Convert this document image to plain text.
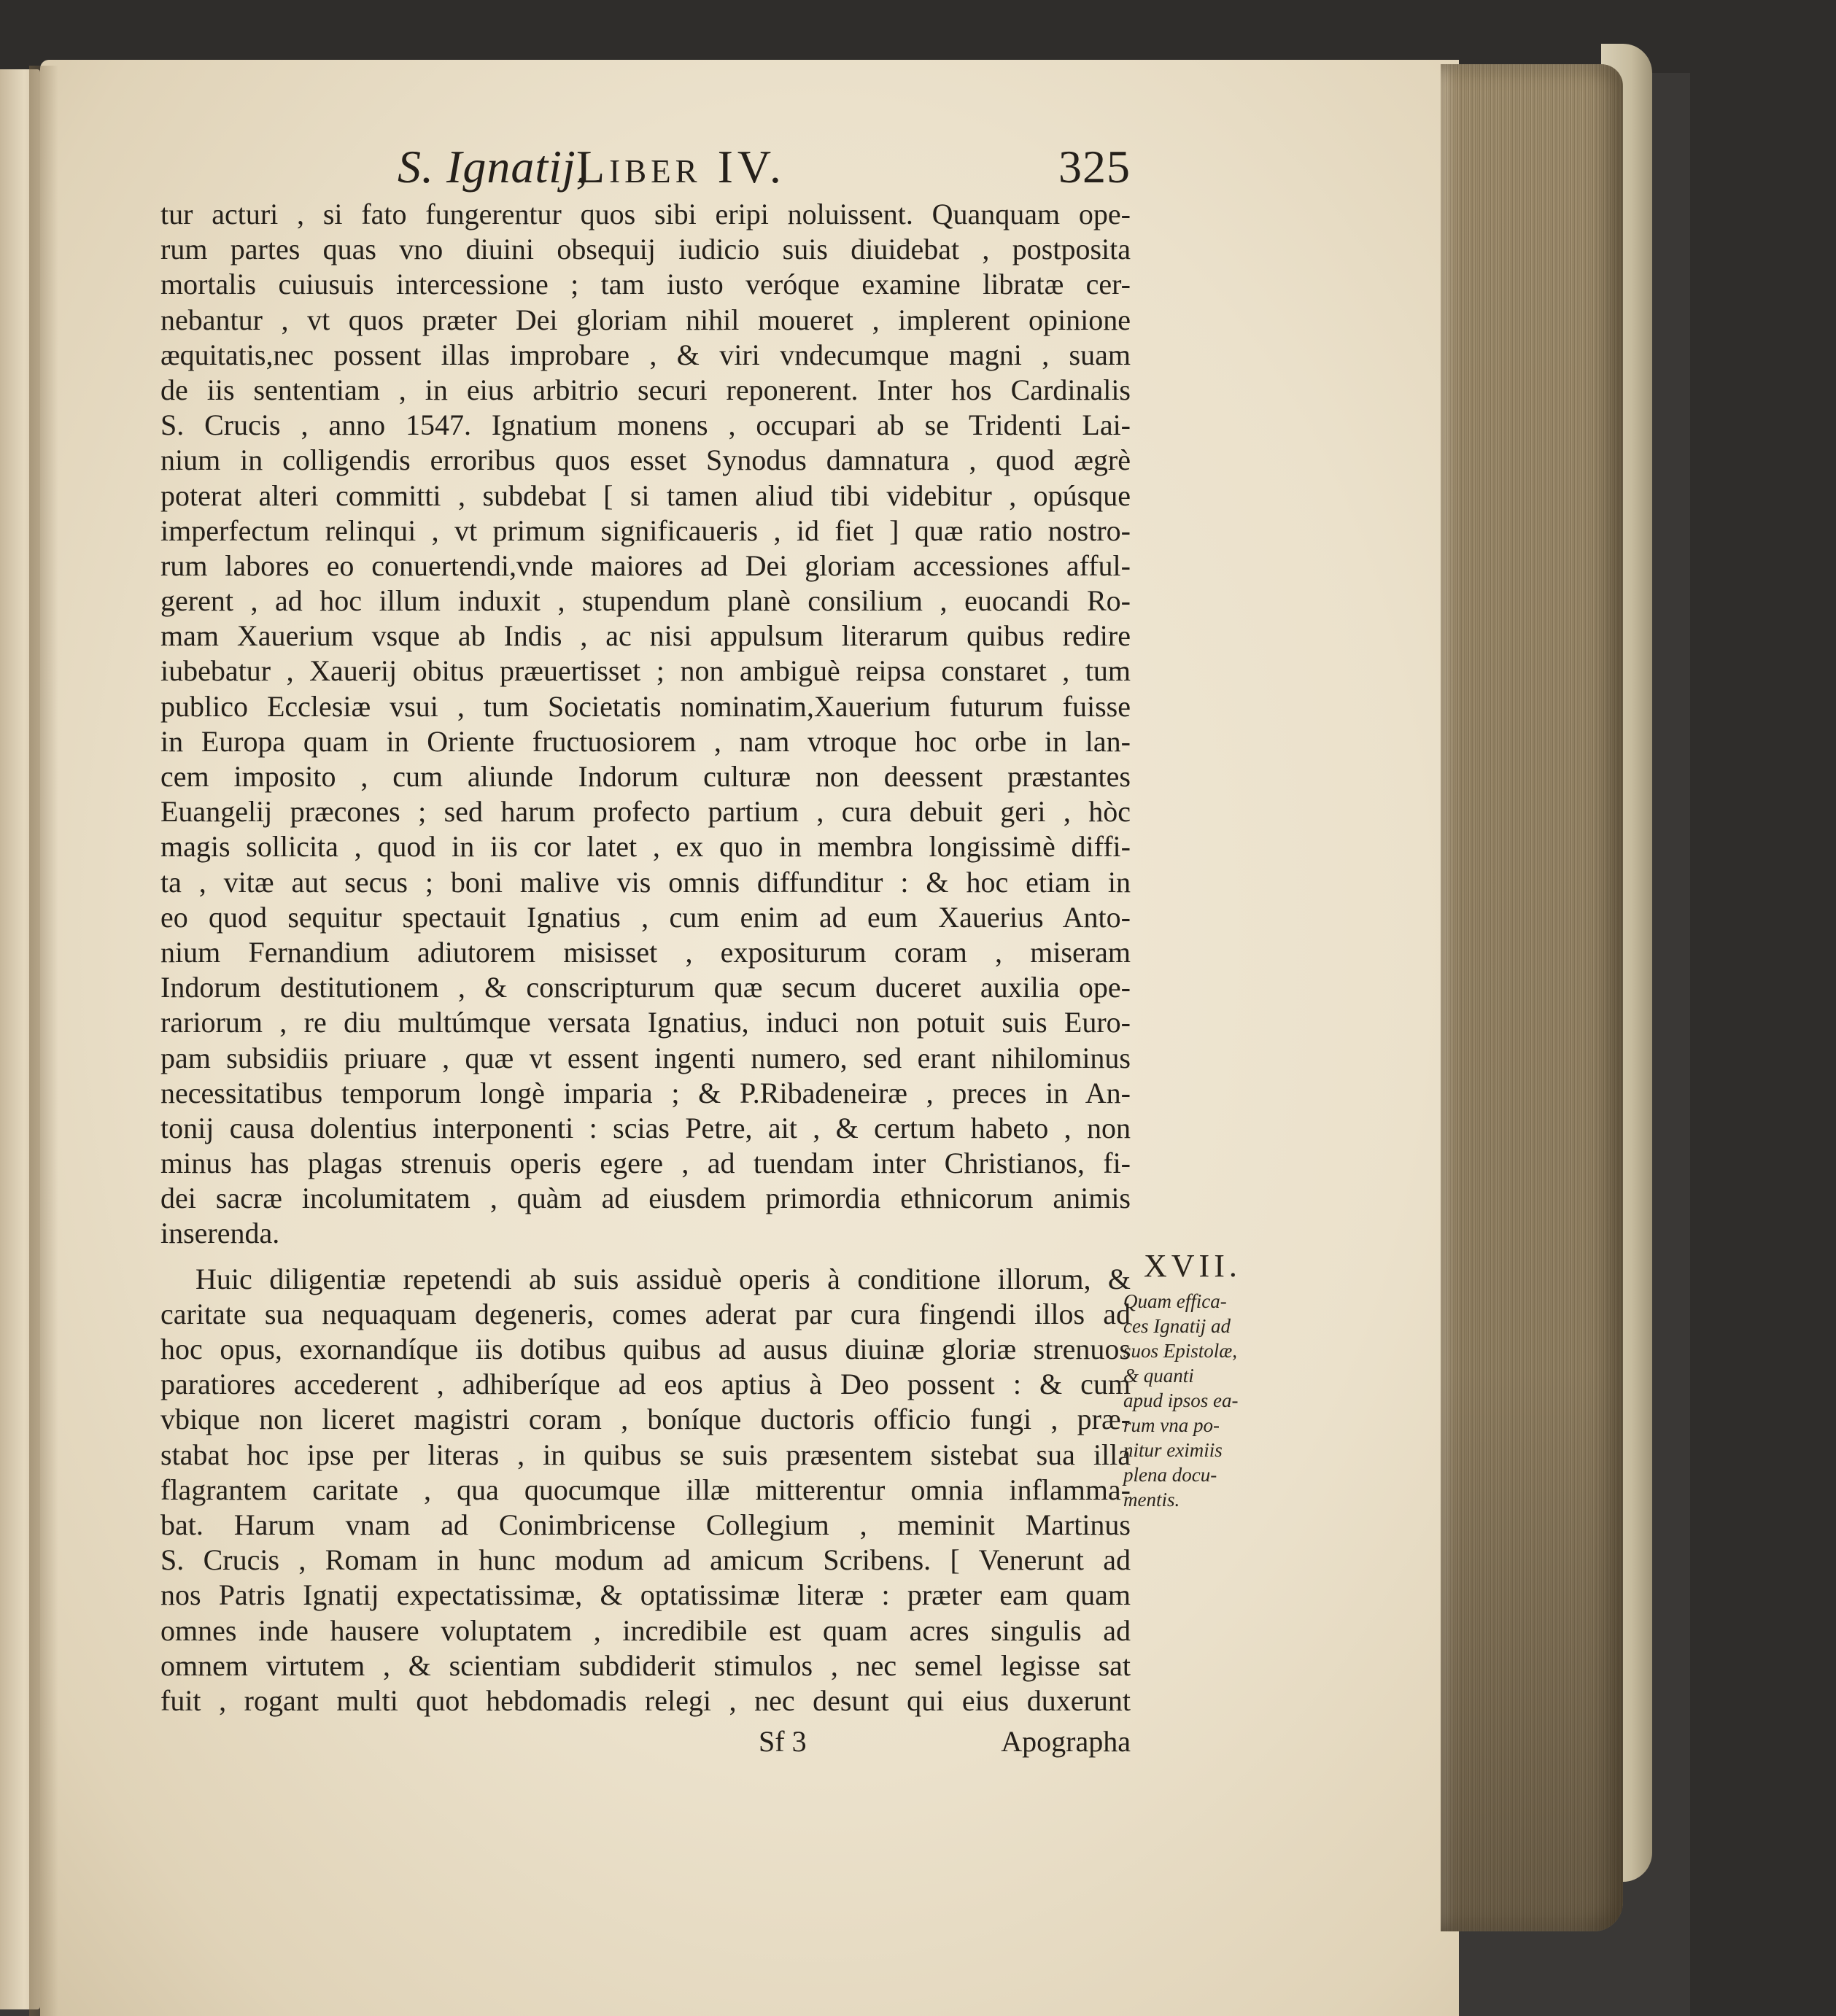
S. Ignatij,
Liber IV.	325
tur acturi , si fato fungerentur quos sibi eripi noluissent. Quanquam ope-
rum partes quas vno diuini obsequij iudicio suis diuidebat , postposita
mortalis cuiusuis intercessione ; tam iusto veróque examine libratæ cer-
nebantur , vt quos præter Dei gloriam nihil moueret , implerent opinione
æquitatis,nec possent illas improbare , & viri vndecumque magni , suam
de iis sententiam , in eius arbitrio securi reponerent. Inter hos Cardinalis
S. Crucis , anno 1547. Ignatium monens , occupari ab se Tridenti Lai-
nium in colligendis erroribus quos esset Synodus damnatura , quod ægrè
poterat alteri committi , subdebat [ si tamen aliud tibi videbitur , opúsque
imperfectum relinqui , vt primum significaueris , id fiet ] quæ ratio nostro-
rum labores eo conuertendi,vnde maiores ad Dei gloriam accessiones afful-
gerent , ad hoc illum induxit , stupendum planè consilium , euocandi Ro-
mam Xauerium vsque ab Indis , ac nisi appulsum literarum quibus redire
iubebatur , Xauerij obitus præuertisset ; non ambiguè reipsa constaret , tum
publico Ecclesiæ vsui , tum Societatis nominatim,Xauerium futurum fuisse
in Europa quam in Oriente fructuosiorem , nam vtroque hoc orbe in lan-
cem imposito , cum aliunde Indorum culturæ non deessent præstantes
Euangelij præcones ; sed harum profecto partium , cura debuit geri , hòc
magis sollicita , quod in iis cor latet , ex quo in membra longissimè diffi-
ta , vitæ aut secus ; boni malive vis omnis diffunditur : & hoc etiam in
eo quod sequitur spectauit Ignatius , cum enim ad eum Xauerius Anto-
nium Fernandium adiutorem misisset , expositurum coram , miseram
Indorum destitutionem , & conscripturum quæ secum duceret auxilia ope-
rariorum , re diu multúmque versata Ignatius, induci non potuit suis Euro-
pam subsidiis priuare , quæ vt essent ingenti numero, sed erant nihilominus
necessitatibus temporum longè imparia ; & P.Ribadeneiræ , preces in An-
tonij causa dolentius interponenti : scias Petre, ait , & certum habeto , non
minus has plagas strenuis operis egere , ad tuendam inter Christianos, fi-
dei sacræ incolumitatem , quàm ad eiusdem primordia ethnicorum animis
inserenda.
Huic diligentiæ repetendi ab suis assiduè operis à conditione illorum, &
caritate sua nequaquam degeneris, comes aderat par cura fingendi illos ad
hoc opus, exornandíque iis dotibus quibus ad ausus diuinæ gloriæ strenuos
paratiores accederent , adhiberíque ad eos aptius à Deo possent : & cum
vbique non liceret magistri coram , boníque ductoris officio fungi , præ-
stabat hoc ipse per literas , in quibus se suis præsentem sistebat sua illa
flagrantem caritate , qua quocumque illæ mitterentur omnia inflamma-
bat. Harum vnam ad Conimbricense Collegium , meminit Martinus
S. Crucis , Romam in hunc modum ad amicum Scribens. [ Venerunt ad
nos Patris Ignatij expectatissimæ, & optatissimæ literæ : præter eam quam
omnes inde hausere voluptatem , incredibile est quam acres singulis ad
omnem virtutem , & scientiam subdiderit stimulos , nec semel legisse sat
fuit , rogant multi quot hebdomadis relegi , nec desunt qui eius duxerunt
Sf 3	Apographa
XVII.
Quam effica-
ces Ignatij ad
suos Epistolæ,
& quanti
apud ipsos ea-
rum vna po-
nitur eximiis
plena docu-
mentis.
